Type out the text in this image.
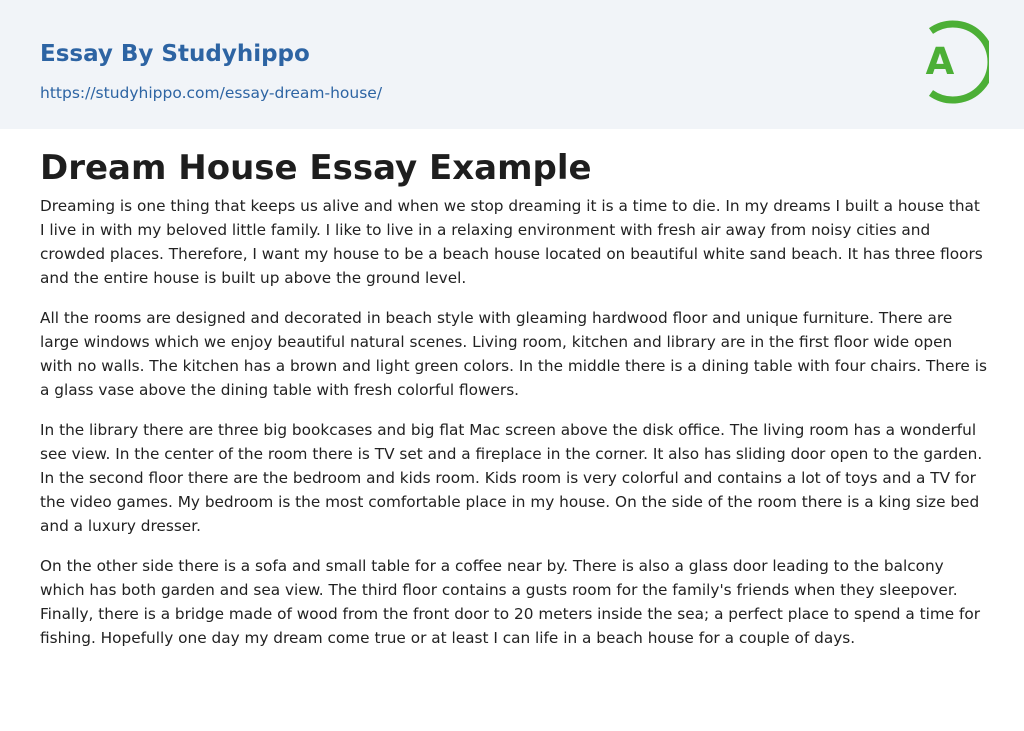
Essay By Studyhippo
https://studyhippo.com/essay-dream-house/
A
Dream House Essay Example

Dreaming is one thing that keeps us alive and when we stop dreaming it is a time to die. In my dreams I built a house that I live in with my beloved little family. I like to live in a relaxing environment with fresh air away from noisy cities and crowded places. Therefore, I want my house to be a beach house located on beautiful white sand beach. It has three floors and the entire house is built up above the ground level.

All the rooms are designed and decorated in beach style with gleaming hardwood floor and unique furniture. There are large windows which we enjoy beautiful natural scenes. Living room, kitchen and library are in the first floor wide open with no walls. The kitchen has a brown and light green colors. In the middle there is a dining table with four chairs. There is a glass vase above the dining table with fresh colorful flowers.

In the library there are three big bookcases and big flat Mac screen above the disk office. The living room has a wonderful see view. In the center of the room there is TV set and a fireplace in the corner. It also has sliding door open to the garden. In the second floor there are the bedroom and kids room. Kids room is very colorful and contains a lot of toys and a TV for the video games. My bedroom is the most comfortable place in my house. On the side of the room there is a king size bed and a luxury dresser.

On the other side there is a sofa and small table for a coffee near by. There is also a glass door leading to the balcony which has both garden and sea view. The third floor contains a gusts room for the family's friends when they sleepover. Finally, there is a bridge made of wood from the front door to 20 meters inside the sea; a perfect place to spend a time for fishing. Hopefully one day my dream come true or at least I can life in a beach house for a couple of days.
